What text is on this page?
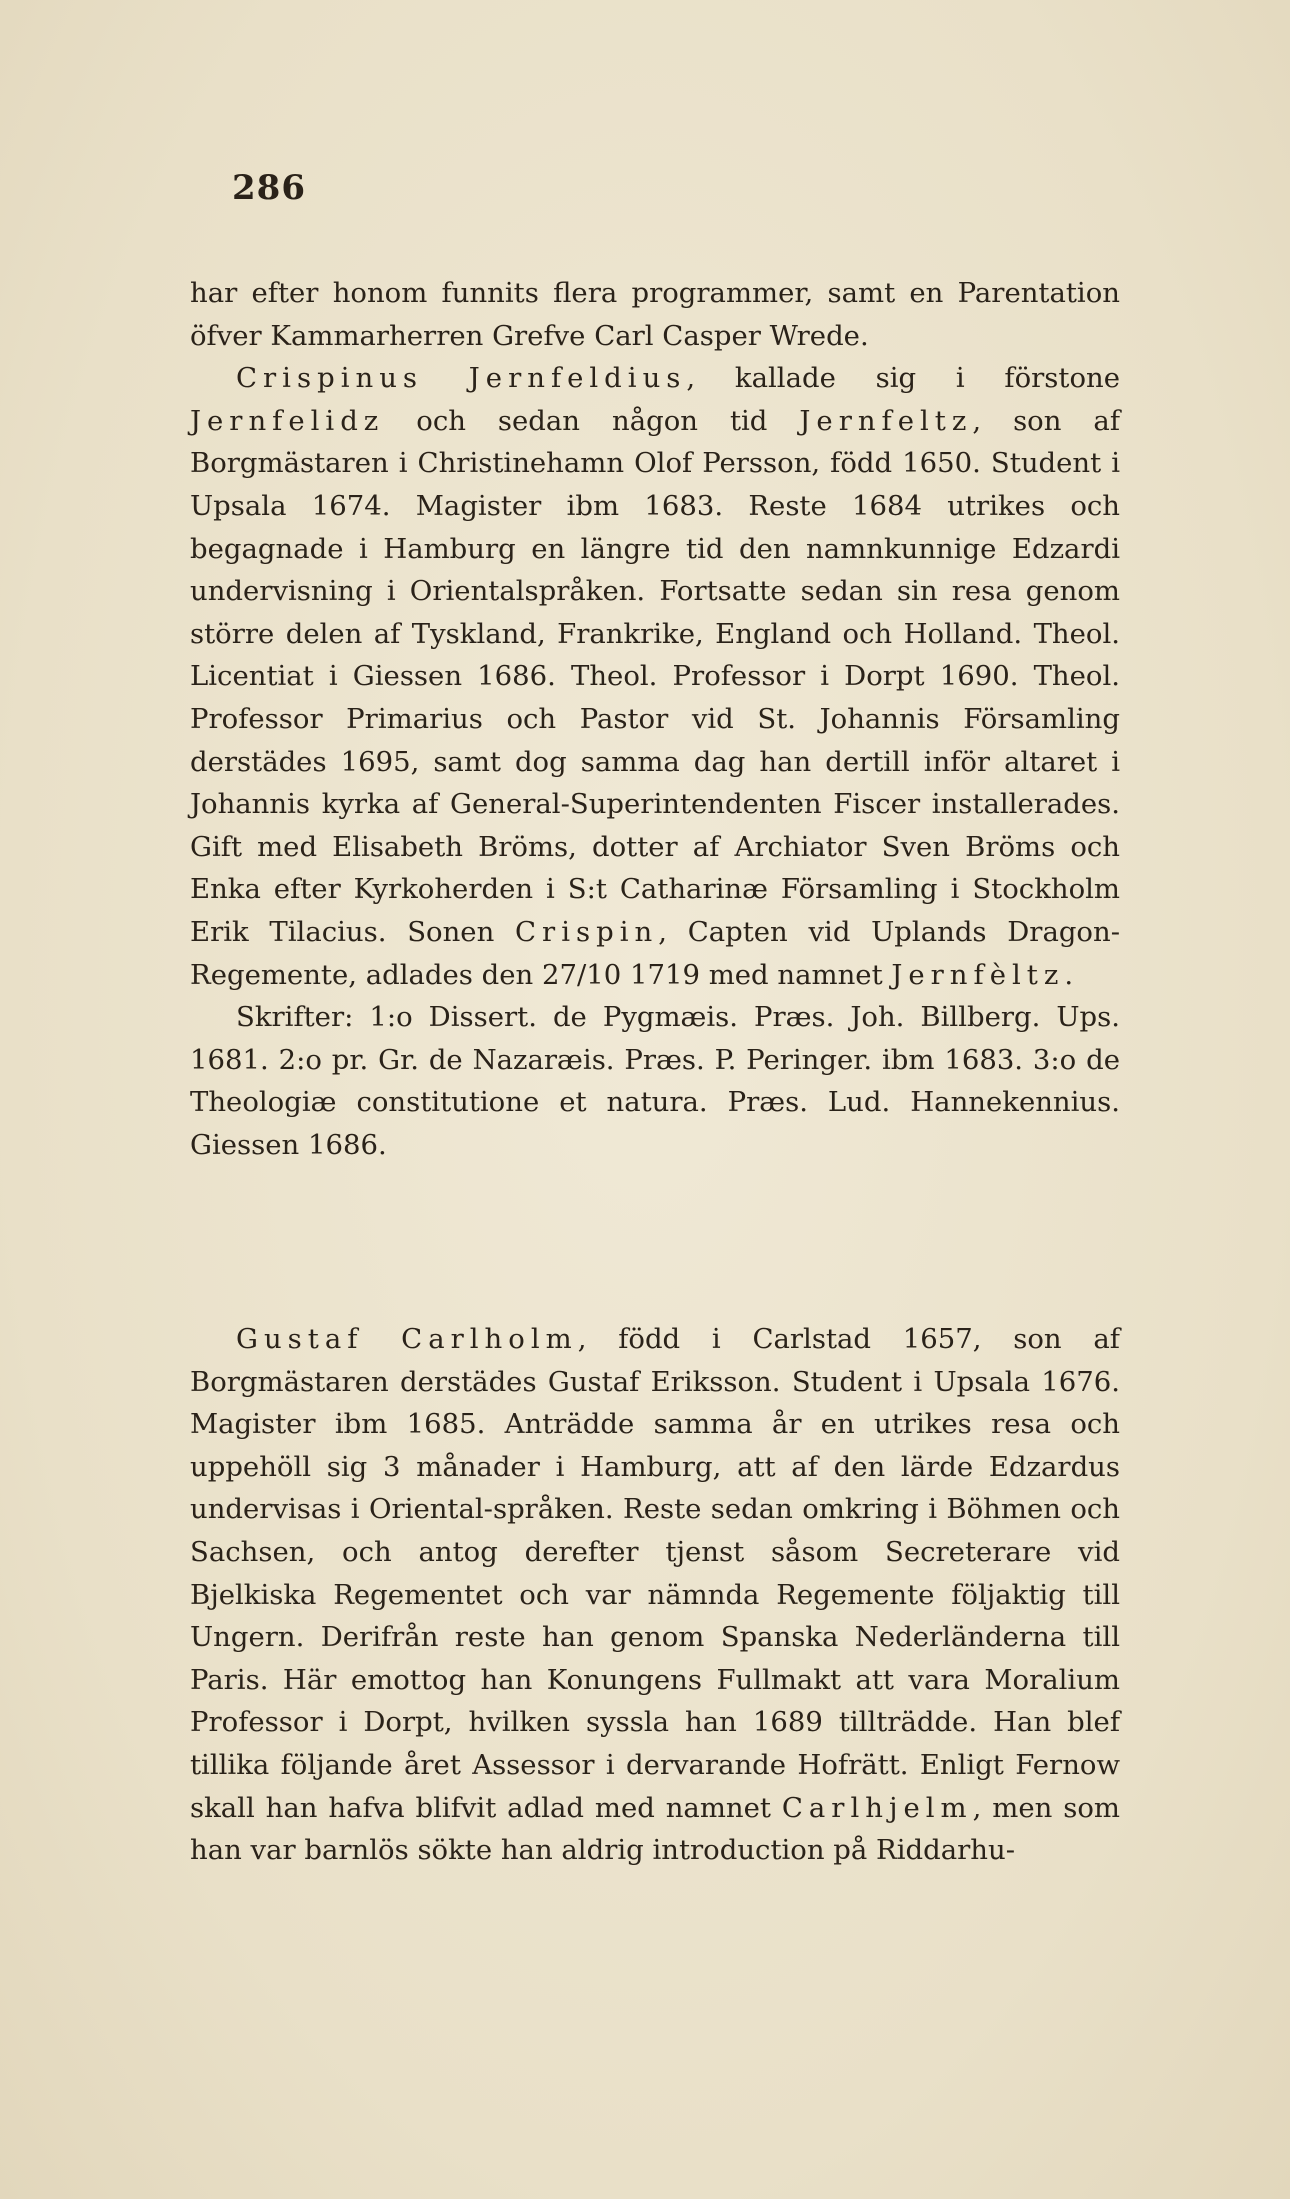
286

har efter honom funnits flera programmer, samt en Parentation öfver Kammarherren Grefve Carl Casper Wrede.

Crispinus Jernfeldius, kallade sig i förstone Jernfelidz och sedan någon tid Jernfeltz, son af Borgmästaren i Christinehamn Olof Persson, född 1650. Student i Upsala 1674. Magister ibm 1683. Reste 1684 utrikes och begagnade i Hamburg en längre tid den namnkunnige Edzardi undervisning i Orientalspråken. Fortsatte sedan sin resa genom större delen af Tyskland, Frankrike, England och Holland. Theol. Licentiat i Giessen 1686. Theol. Professor i Dorpt 1690. Theol. Professor Primarius och Pastor vid St. Johannis Församling derstädes 1695, samt dog samma dag han dertill inför altaret i Johannis kyrka af General-Superintendenten Fiscer installerades. Gift med Elisabeth Bröms, dotter af Archiator Sven Bröms och Enka efter Kyrkoherden i S:t Catharinæ Församling i Stockholm Erik Tilacius. Sonen Crispin, Capten vid Uplands Dragon-Regemente, adlades den 27/10 1719 med namnet Jernfèltz.

Skrifter: 1:o Dissert. de Pygmæis. Præs. Joh. Billberg. Ups. 1681. 2:o pr. Gr. de Nazaræis. Præs. P. Peringer. ibm 1683. 3:o de Theologiæ constitutione et natura. Præs. Lud. Hannekennius. Giessen 1686.

Gustaf Carlholm, född i Carlstad 1657, son af Borgmästaren derstädes Gustaf Eriksson. Student i Upsala 1676. Magister ibm 1685. Anträdde samma år en utrikes resa och uppehöll sig 3 månader i Hamburg, att af den lärde Edzardus undervisas i Oriental-språken. Reste sedan omkring i Böhmen och Sachsen, och antog derefter tjenst såsom Secreterare vid Bjelkiska Regementet och var nämnda Regemente följaktig till Ungern. Derifrån reste han genom Spanska Nederländerna till Paris. Här emottog han Konungens Fullmakt att vara Moralium Professor i Dorpt, hvilken syssla han 1689 tillträdde. Han blef tillika följande året Assessor i dervarande Hofrätt. Enligt Fernow skall han hafva blifvit adlad med namnet Carlhjelm, men som han var barnlös sökte han aldrig introduction på Riddarhu-
